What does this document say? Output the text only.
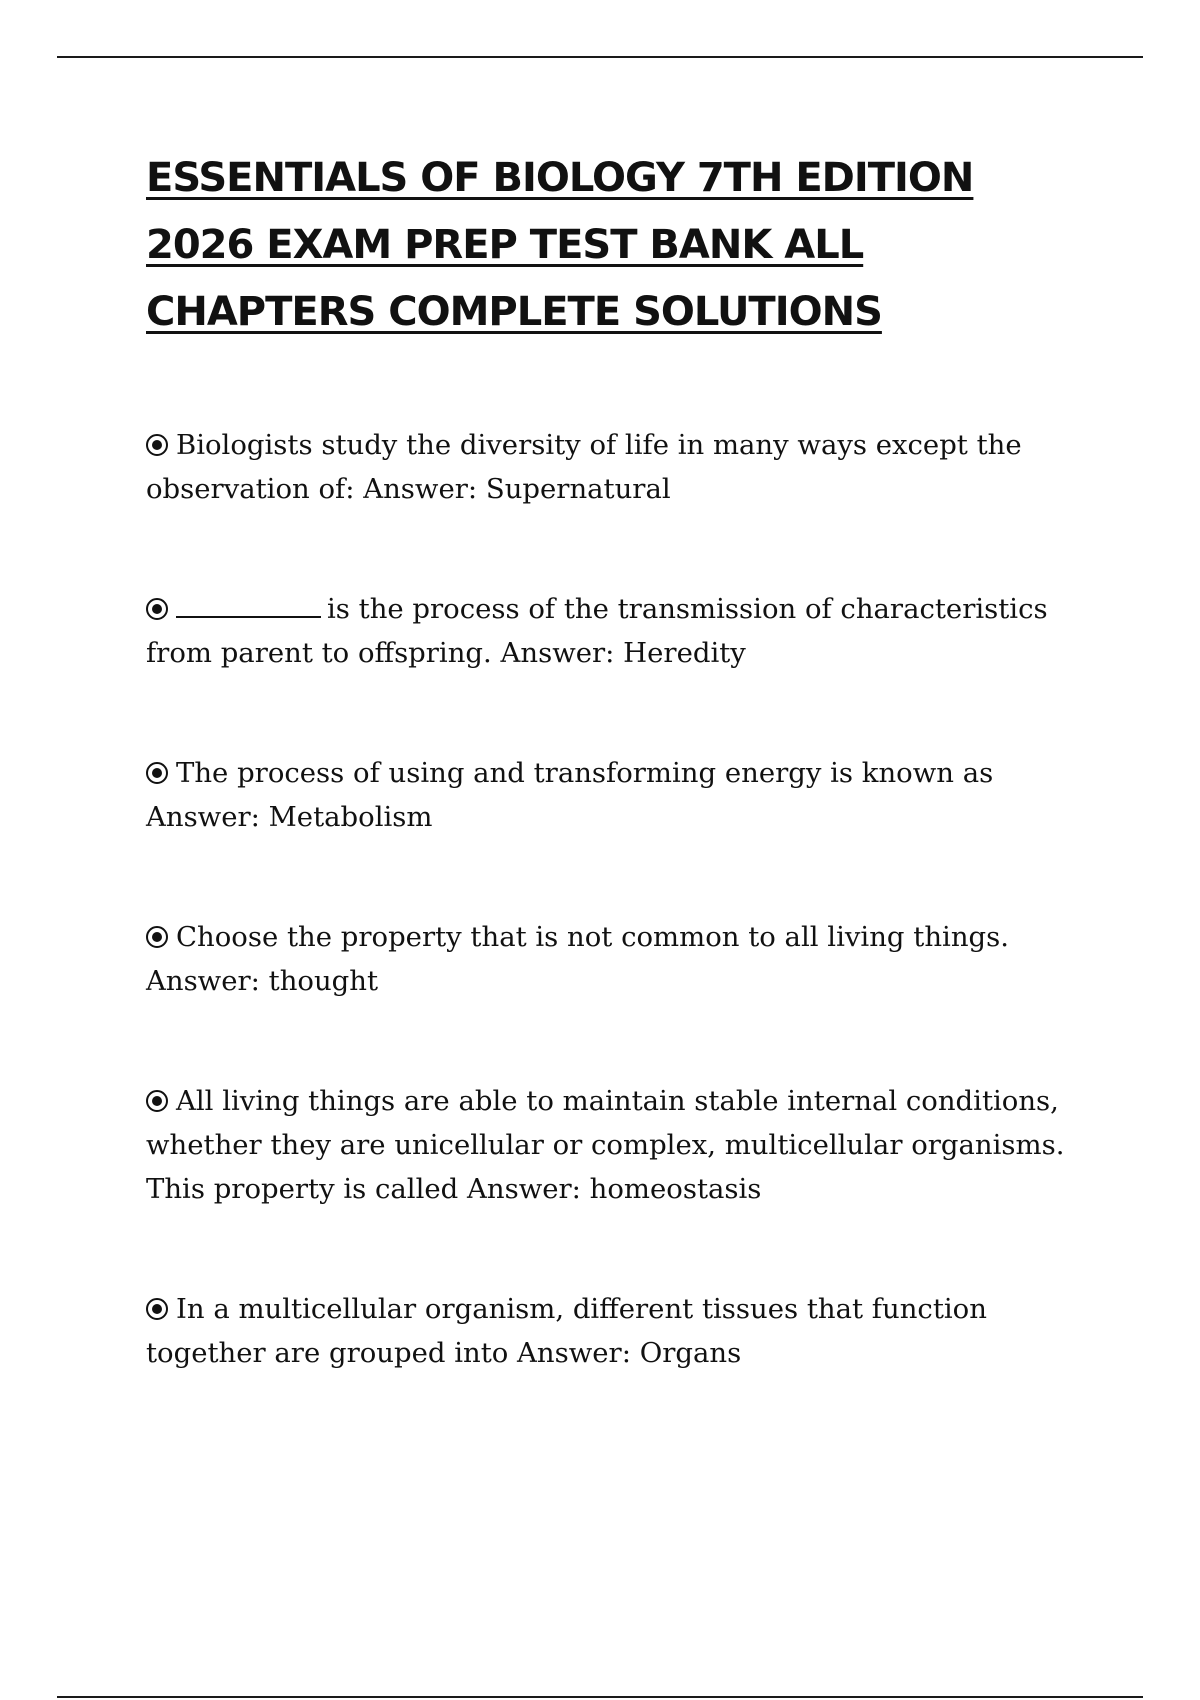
ESSENTIALS OF BIOLOGY 7TH EDITION 2026 EXAM PREP TEST BANK ALL CHAPTERS COMPLETE SOLUTIONS
Biologists study the diversity of life in many ways except the observation of: Answer: Supernatural
is the process of the transmission of characteristics from parent to offspring. Answer: Heredity
The process of using and transforming energy is known as Answer: Metabolism
Choose the property that is not common to all living things. Answer: thought
All living things are able to maintain stable internal conditions, whether they are unicellular or complex, multicellular organisms. This property is called Answer: homeostasis
In a multicellular organism, different tissues that function together are grouped into Answer: Organs
